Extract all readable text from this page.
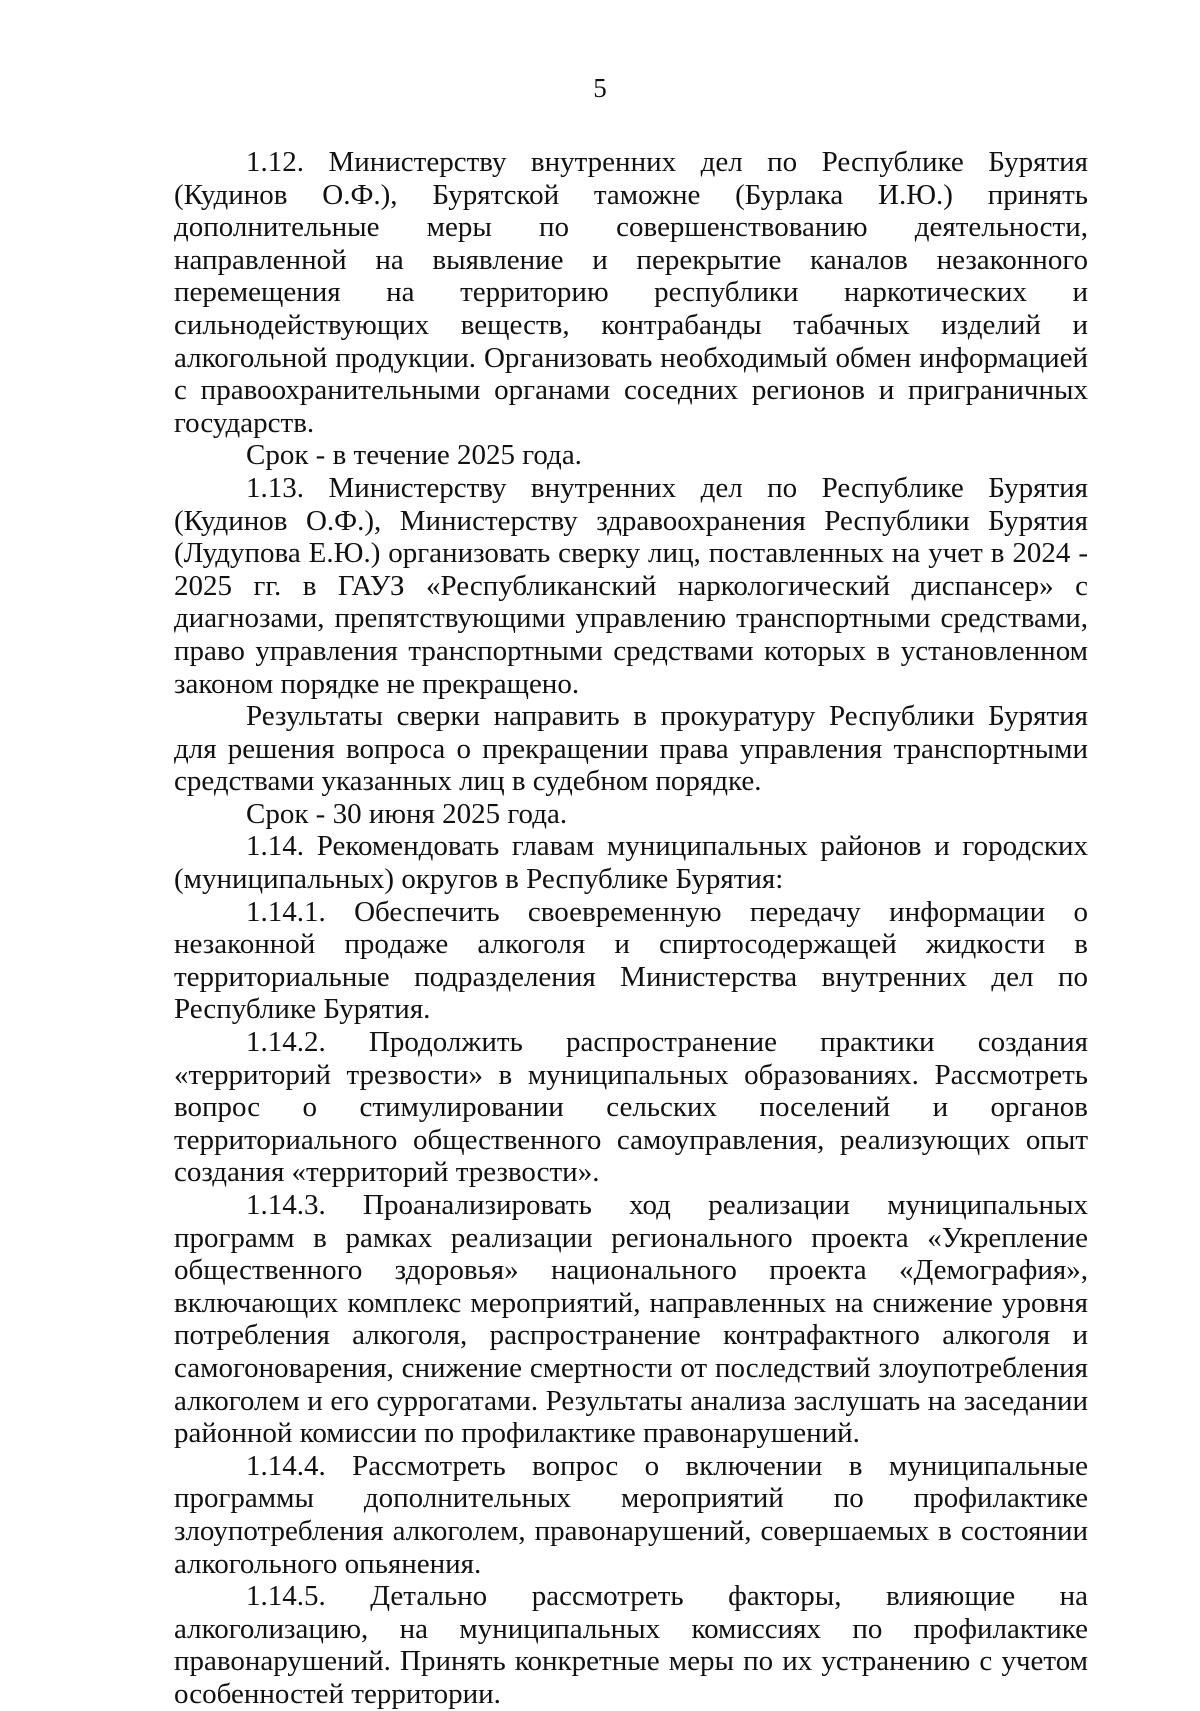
5

1.12. Министерству внутренних дел по Республике Бурятия (Кудинов О.Ф.), Бурятской таможне (Бурлака И.Ю.) принять дополнительные меры по совершенствованию деятельности, направленной на выявление и перекрытие каналов незаконного перемещения на территорию республики наркотических и сильнодействующих веществ, контрабанды табачных изделий и алкогольной продукции. Организовать необходимый обмен информацией с правоохранительными органами соседних регионов и приграничных государств.

Срок - в течение 2025 года.

1.13. Министерству внутренних дел по Республике Бурятия (Кудинов О.Ф.), Министерству здравоохранения Республики Бурятия (Лудупова Е.Ю.) организовать сверку лиц, поставленных на учет в 2024 - 2025 гг. в ГАУЗ «Республиканский наркологический диспансер» с диагнозами, препятствующими управлению транспортными средствами, право управления транспортными средствами которых в установленном законом порядке не прекращено.

Результаты сверки направить в прокуратуру Республики Бурятия для решения вопроса о прекращении права управления транспортными средствами указанных лиц в судебном порядке.

Срок - 30 июня 2025 года.

1.14. Рекомендовать главам муниципальных районов и городских (муниципальных) округов в Республике Бурятия:

1.14.1. Обеспечить своевременную передачу информации о незаконной продаже алкоголя и спиртосодержащей жидкости в территориальные подразделения Министерства внутренних дел по Республике Бурятия.

1.14.2. Продолжить распространение практики создания «территорий трезвости» в муниципальных образованиях. Рассмотреть вопрос о стимулировании сельских поселений и органов территориального общественного самоуправления, реализующих опыт создания «территорий трезвости».

1.14.3. Проанализировать ход реализации муниципальных программ в рамках реализации регионального проекта «Укрепление общественного здоровья» национального проекта «Демография», включающих комплекс мероприятий, направленных на снижение уровня потребления алкоголя, распространение контрафактного алкоголя и самогоноварения, снижение смертности от последствий злоупотребления алкоголем и его суррогатами. Результаты анализа заслушать на заседании районной комиссии по профилактике правонарушений.

1.14.4. Рассмотреть вопрос о включении в муниципальные программы дополнительных мероприятий по профилактике злоупотребления алкоголем, правонарушений, совершаемых в состоянии алкогольного опьянения.

1.14.5. Детально рассмотреть факторы, влияющие на алкоголизацию, на муниципальных комиссиях по профилактике правонарушений. Принять конкретные меры по их устранению с учетом особенностей территории.
